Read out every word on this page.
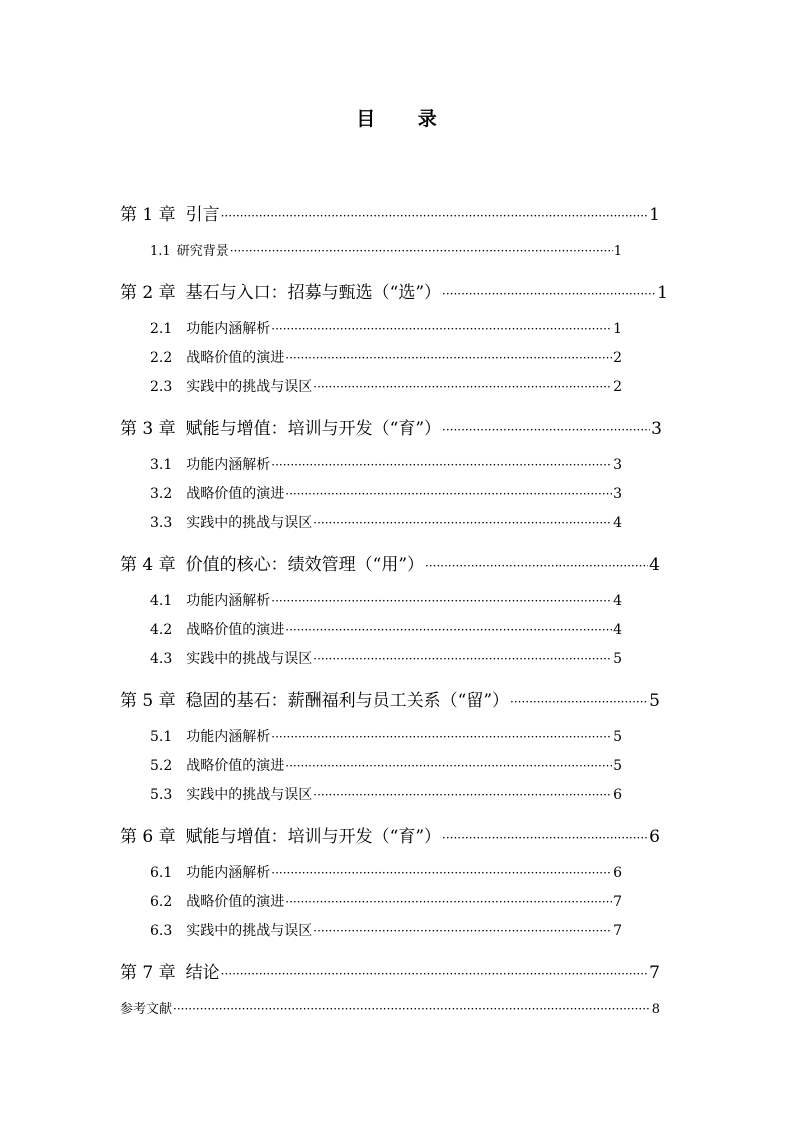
目 录
第 1 章 引言 ·····	1
1.1 研究背景 ·····	1
第 2 章 基石与入口：招募与甄选（“选”） ·····	1
2.1 功能内涵解析 ·····	1
2.2 战略价值的演进 ·····	2
2.3 实践中的挑战与误区 ·····	2
第 3 章 赋能与增值：培训与开发（“育”） ·····	3
3.1 功能内涵解析 ·····	3
3.2 战略价值的演进 ·····	3
3.3 实践中的挑战与误区 ·····	4
第 4 章 价值的核心：绩效管理（“用”） ·····	4
4.1 功能内涵解析 ·····	4
4.2 战略价值的演进 ·····	4
4.3 实践中的挑战与误区 ·····	5
第 5 章 稳固的基石：薪酬福利与员工关系（“留”） ·····	5
5.1 功能内涵解析 ·····	5
5.2 战略价值的演进 ·····	5
5.3 实践中的挑战与误区 ·····	6
第 6 章 赋能与增值：培训与开发（“育”） ·····	6
6.1 功能内涵解析 ·····	6
6.2 战略价值的演进 ·····	7
6.3 实践中的挑战与误区 ·····	7
第 7 章 结论 ·····	7
参考文献 ·····	8
